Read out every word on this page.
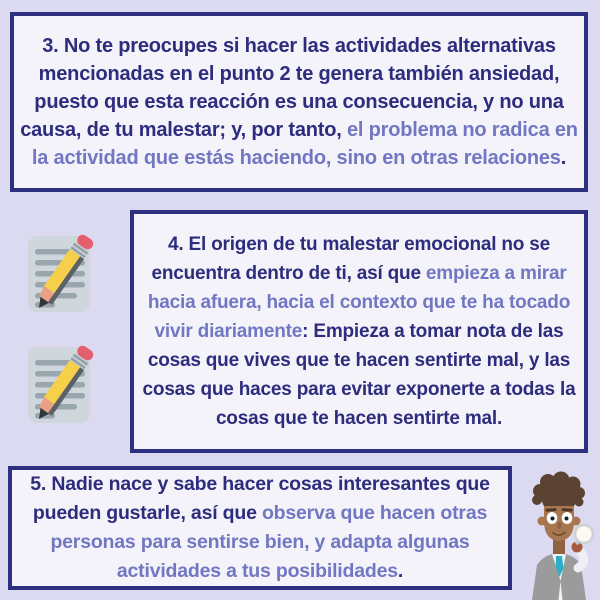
3. No te preocupes si hacer las actividades alternativas mencionadas en el punto 2 te genera también ansiedad, puesto que esta reacción es una consecuencia, y no una causa, de tu malestar; y, por tanto, el problema no radica en la actividad que estás haciendo, sino en otras relaciones.

4. El origen de tu malestar emocional no se encuentra dentro de ti, así que empieza a mirar hacia afuera, hacia el contexto que te ha tocado vivir diariamente: Empieza a tomar nota de las cosas que vives que te hacen sentirte mal, y las cosas que haces para evitar exponerte a todas la cosas que te hacen sentirte mal.

5. Nadie nace y sabe hacer cosas interesantes que pueden gustarle, así que observa que hacen otras personas para sentirse bien, y adapta algunas actividades a tus posibilidades.
